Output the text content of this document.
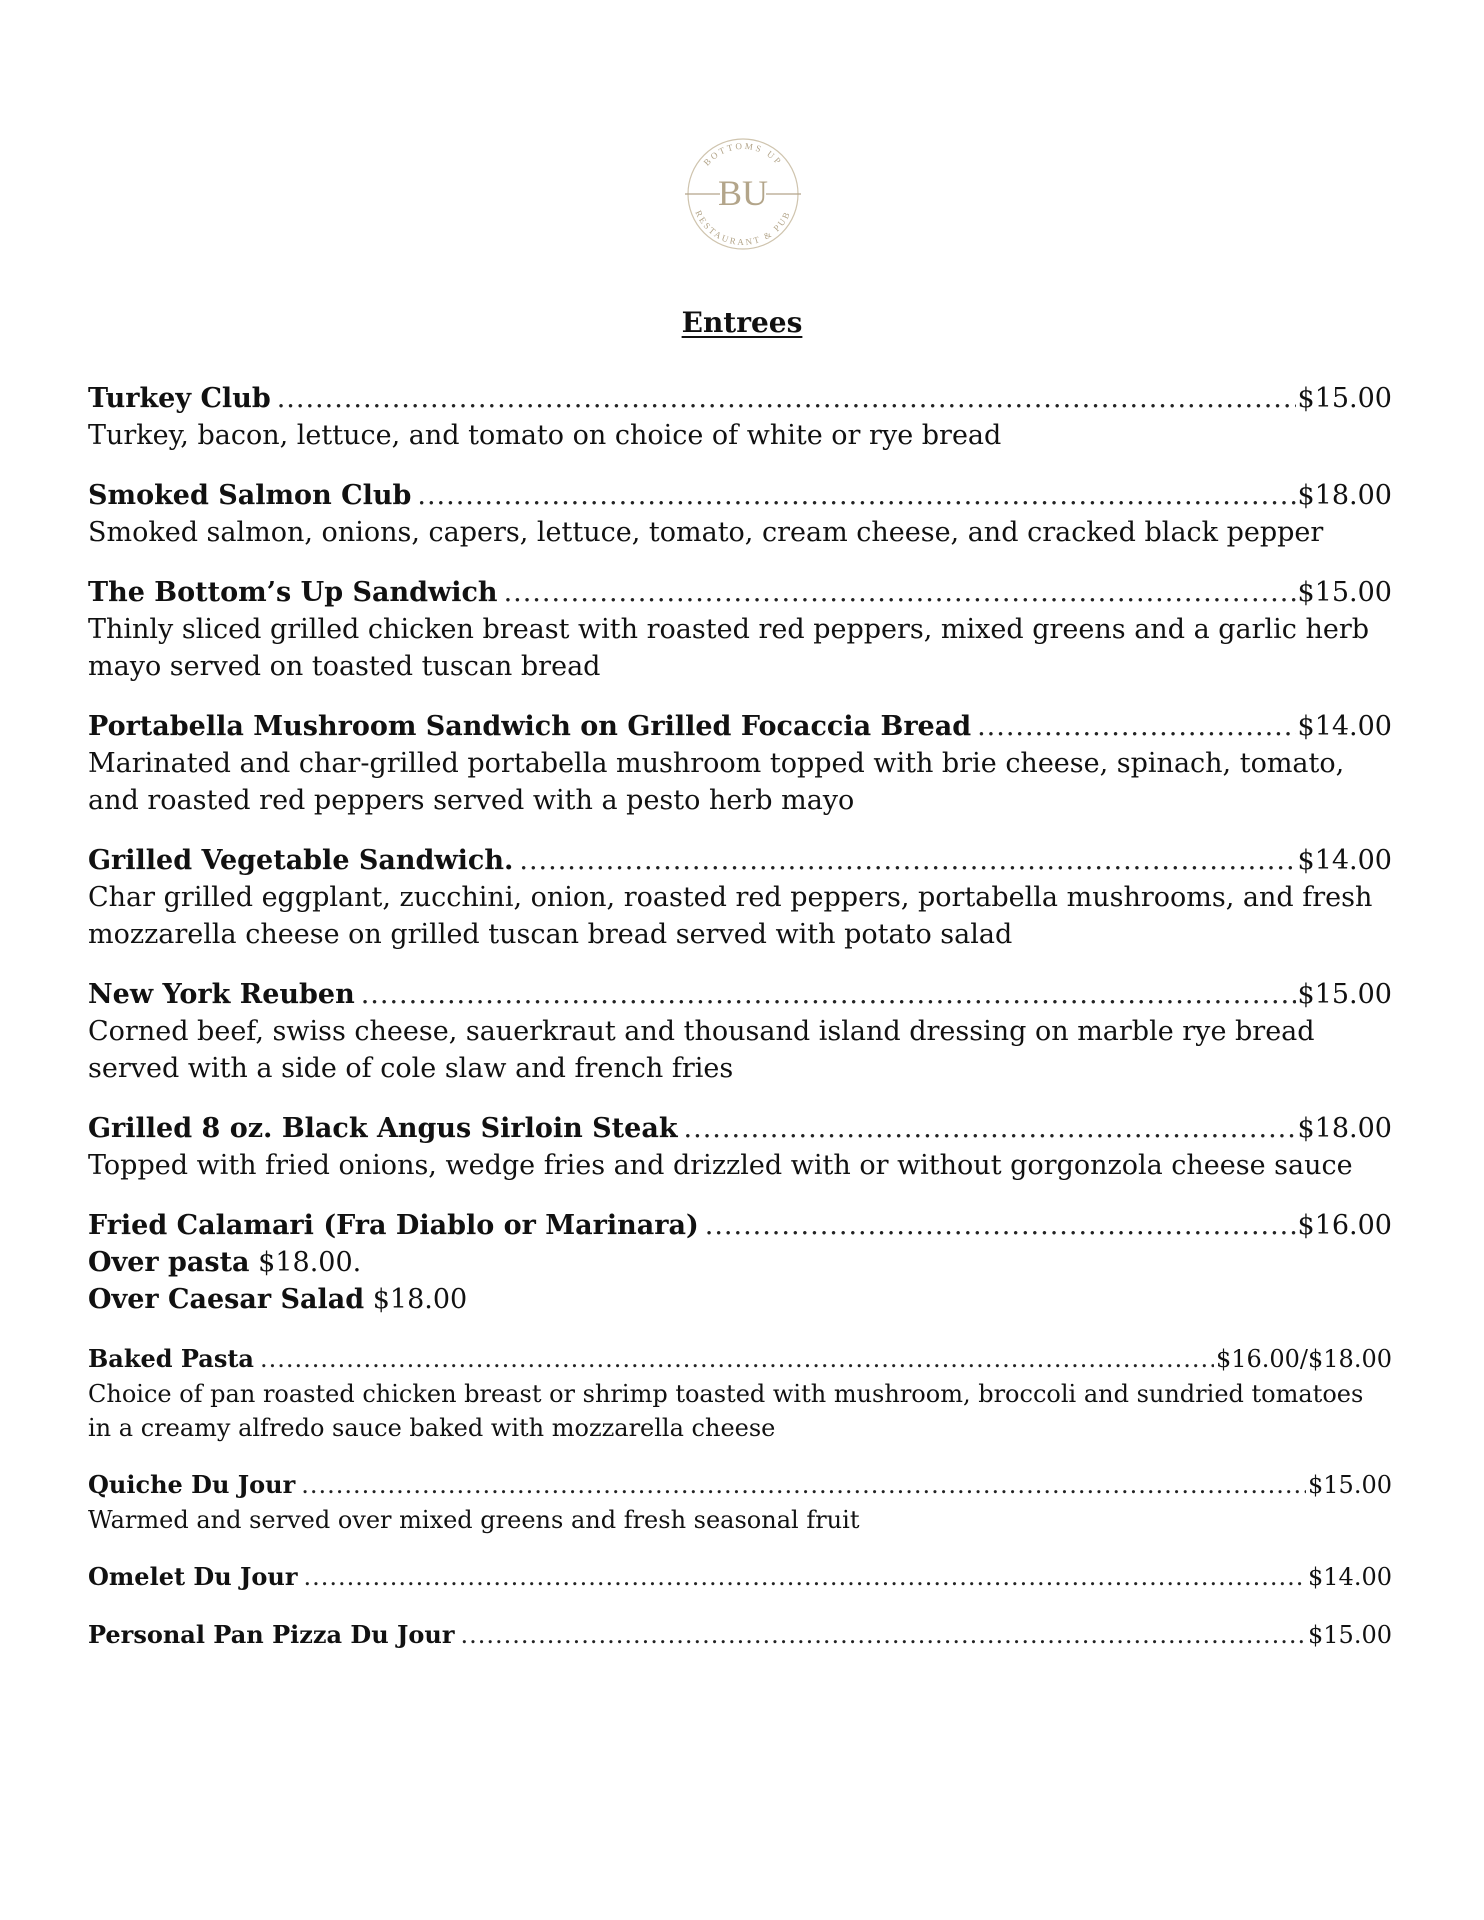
BOTTOMS UP
RESTAURANT & PUB
BU
Entrees
Turkey Club .....	$15.00

Turkey, bacon, lettuce, and tomato on choice of white or rye bread

Smoked Salmon Club .....	$18.00

Smoked salmon, onions, capers, lettuce, tomato, cream cheese, and cracked black pepper

The Bottom’s Up Sandwich .....	$15.00

Thinly sliced grilled chicken breast with roasted red peppers, mixed greens and a garlic herb mayo served on toasted tuscan bread

Portabella Mushroom Sandwich on Grilled Focaccia Bread .....	$14.00

Marinated and char-grilled portabella mushroom topped with brie cheese, spinach, tomato, and roasted red peppers served with a pesto herb mayo

Grilled Vegetable Sandwich. .....	$14.00

Char grilled eggplant, zucchini, onion, roasted red peppers, portabella mushrooms, and fresh mozzarella cheese on grilled tuscan bread served with potato salad

New York Reuben .....	$15.00

Corned beef, swiss cheese, sauerkraut and thousand island dressing on marble rye bread served with a side of cole slaw and french fries

Grilled 8 oz. Black Angus Sirloin Steak .....	$18.00

Topped with fried onions, wedge fries and drizzled with or without gorgonzola cheese sauce

Fried Calamari (Fra Diablo or Marinara) .....	$16.00

Over pasta $18.00.

Over Caesar Salad $18.00

Baked Pasta .....	$16.00/$18.00

Choice of pan roasted chicken breast or shrimp toasted with mushroom, broccoli and sundried tomatoes in a creamy alfredo sauce baked with mozzarella cheese

Quiche Du Jour .....	$15.00

Warmed and served over mixed greens and fresh seasonal fruit

Omelet Du Jour .....	$14.00
Personal Pan Pizza Du Jour .....	$15.00
